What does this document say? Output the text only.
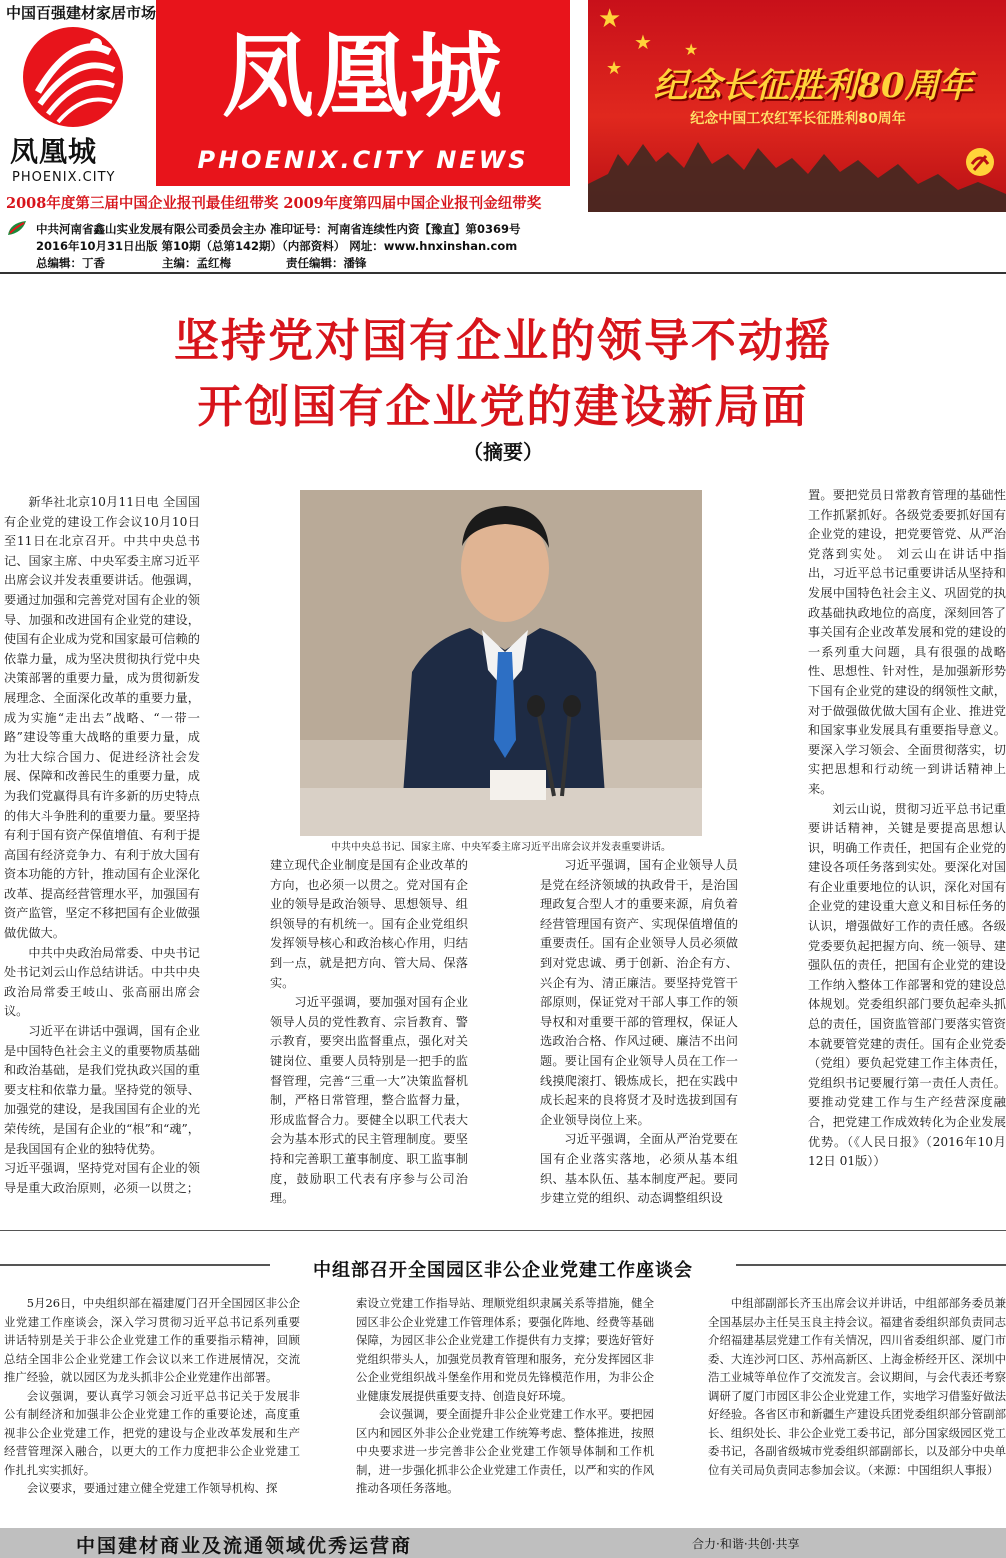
中国百强建材家居市场
凤凰城
PHOENIX.CITY
凤凰城
PHOENIX.CITY NEWS
★
★
★
★
纪念长征胜利80周年
纪念中国工农红军长征胜利80周年
2008年度第三届中国企业报刊最佳纽带奖 2009年度第四届中国企业报刊金纽带奖
中共河南省鑫山实业发展有限公司委员会主办 准印证号：河南省连续性内资【豫直】第0369号
2016年10月31日出版 第10期（总第142期）（内部资料） 网址：www.hnxinshan.com
总编辑：丁香	主编：孟红梅	责任编辑：潘锋
坚持党对国有企业的领导不动摇
开创国有企业党的建设新局面
（摘要）

新华社北京10月11日电 全国国有企业党的建设工作会议10月10日至11日在北京召开。中共中央总书记、国家主席、中央军委主席习近平出席会议并发表重要讲话。他强调，要通过加强和完善党对国有企业的领导、加强和改进国有企业党的建设，使国有企业成为党和国家最可信赖的依靠力量，成为坚决贯彻执行党中央决策部署的重要力量，成为贯彻新发展理念、全面深化改革的重要力量，成为实施“走出去”战略、“一带一路”建设等重大战略的重要力量，成为壮大综合国力、促进经济社会发展、保障和改善民生的重要力量，成为我们党赢得具有许多新的历史特点的伟大斗争胜利的重要力量。要坚持有利于国有资产保值增值、有利于提高国有经济竞争力、有利于放大国有资本功能的方针，推动国有企业深化改革、提高经营管理水平，加强国有资产监管，坚定不移把国有企业做强做优做大。

中共中央政治局常委、中央书记处书记刘云山作总结讲话。中共中央政治局常委王岐山、张高丽出席会议。

习近平在讲话中强调，国有企业是中国特色社会主义的重要物质基础和政治基础，是我们党执政兴国的重要支柱和依靠力量。坚持党的领导、加强党的建设，是我国国有企业的光荣传统，是国有企业的“根”和“魂”，是我国国有企业的独特优势。

习近平强调，坚持党对国有企业的领导是重大政治原则，必须一以贯之；

中共中央总书记、国家主席、中央军委主席习近平出席会议并发表重要讲话。

建立现代企业制度是国有企业改革的方向，也必须一以贯之。党对国有企业的领导是政治领导、思想领导、组织领导的有机统一。国有企业党组织发挥领导核心和政治核心作用，归结到一点，就是把方向、管大局、保落实。

习近平强调，要加强对国有企业领导人员的党性教育、宗旨教育、警示教育，要突出监督重点，强化对关键岗位、重要人员特别是一把手的监督管理，完善“三重一大”决策监督机制，严格日常管理，整合监督力量，形成监督合力。要健全以职工代表大会为基本形式的民主管理制度。要坚持和完善职工董事制度、职工监事制度，鼓励职工代表有序参与公司治理。

习近平强调，国有企业领导人员是党在经济领域的执政骨干，是治国理政复合型人才的重要来源，肩负着经营管理国有资产、实现保值增值的重要责任。国有企业领导人员必须做到对党忠诚、勇于创新、治企有方、兴企有为、清正廉洁。要坚持党管干部原则，保证党对干部人事工作的领导权和对重要干部的管理权，保证人选政治合格、作风过硬、廉洁不出问题。要让国有企业领导人员在工作一线摸爬滚打、锻炼成长，把在实践中成长起来的良将贤才及时选拔到国有企业领导岗位上来。

习近平强调，全面从严治党要在国有企业落实落地，必须从基本组织、基本队伍、基本制度严起。要同步建立党的组织、动态调整组织设

置。要把党员日常教育管理的基础性工作抓紧抓好。各级党委要抓好国有企业党的建设，把党要管党、从严治党落到实处。 刘云山在讲话中指出，习近平总书记重要讲话从坚持和发展中国特色社会主义、巩固党的执政基础执政地位的高度，深刻回答了事关国有企业改革发展和党的建设的一系列重大问题，具有很强的战略性、思想性、针对性，是加强新形势下国有企业党的建设的纲领性文献，对于做强做优做大国有企业、推进党和国家事业发展具有重要指导意义。要深入学习领会、全面贯彻落实，切实把思想和行动统一到讲话精神上来。

刘云山说，贯彻习近平总书记重要讲话精神，关键是要提高思想认识，明确工作责任，把国有企业党的建设各项任务落到实处。要深化对国有企业重要地位的认识，深化对国有企业党的建设重大意义和目标任务的认识，增强做好工作的责任感。各级党委要负起把握方向、统一领导、建强队伍的责任，把国有企业党的建设工作纳入整体工作部署和党的建设总体规划。党委组织部门要负起牵头抓总的责任，国资监管部门要落实管资本就要管党建的责任。国有企业党委（党组）要负起党建工作主体责任，党组织书记要履行第一责任人责任。要推动党建工作与生产经营深度融合，把党建工作成效转化为企业发展优势。（《人民日报》（2016年10月12日 01版））

中组部召开全国园区非公企业党建工作座谈会

5月26日，中央组织部在福建厦门召开全国园区非公企业党建工作座谈会，深入学习贯彻习近平总书记系列重要讲话特别是关于非公企业党建工作的重要指示精神，回顾总结全国非公企业党建工作会议以来工作进展情况，交流推广经验，就以园区为龙头抓非公企业党建作出部署。

会议强调，要认真学习领会习近平总书记关于发展非公有制经济和加强非公企业党建工作的重要论述，高度重视非公企业党建工作，把党的建设与企业改革发展和生产经营管理深入融合，以更大的工作力度把非公企业党建工作扎扎实实抓好。

会议要求，要通过建立健全党建工作领导机构、探

索设立党建工作指导站、理顺党组织隶属关系等措施，健全园区非公企业党建工作管理体系；要强化阵地、经费等基础保障，为园区非公企业党建工作提供有力支撑；要选好管好党组织带头人，加强党员教育管理和服务，充分发挥园区非公企业党组织战斗堡垒作用和党员先锋模范作用，为非公企业健康发展提供重要支持、创造良好环境。

会议强调，要全面提升非公企业党建工作水平。要把园区内和园区外非公企业党建工作统筹考虑、整体推进，按照中央要求进一步完善非公企业党建工作领导体制和工作机制，进一步强化抓非公企业党建工作责任，以严和实的作风推动各项任务落地。

中组部副部长齐玉出席会议并讲话，中组部部务委员兼全国基层办主任吴玉良主持会议。福建省委组织部负责同志介绍福建基层党建工作有关情况，四川省委组织部、厦门市委、大连沙河口区、苏州高新区、上海金桥经开区、深圳中浩工业城等单位作了交流发言。会议期间，与会代表还考察调研了厦门市园区非公企业党建工作，实地学习借鉴好做法好经验。各省区市和新疆生产建设兵团党委组织部分管副部长、组织处长、非公企业党工委书记，部分国家级园区党工委书记，各副省级城市党委组织部副部长，以及部分中央单位有关司局负责同志参加会议。（来源：中国组织人事报）

中国建材商业及流通领域优秀运营商	合力·和谐·共创·共享
